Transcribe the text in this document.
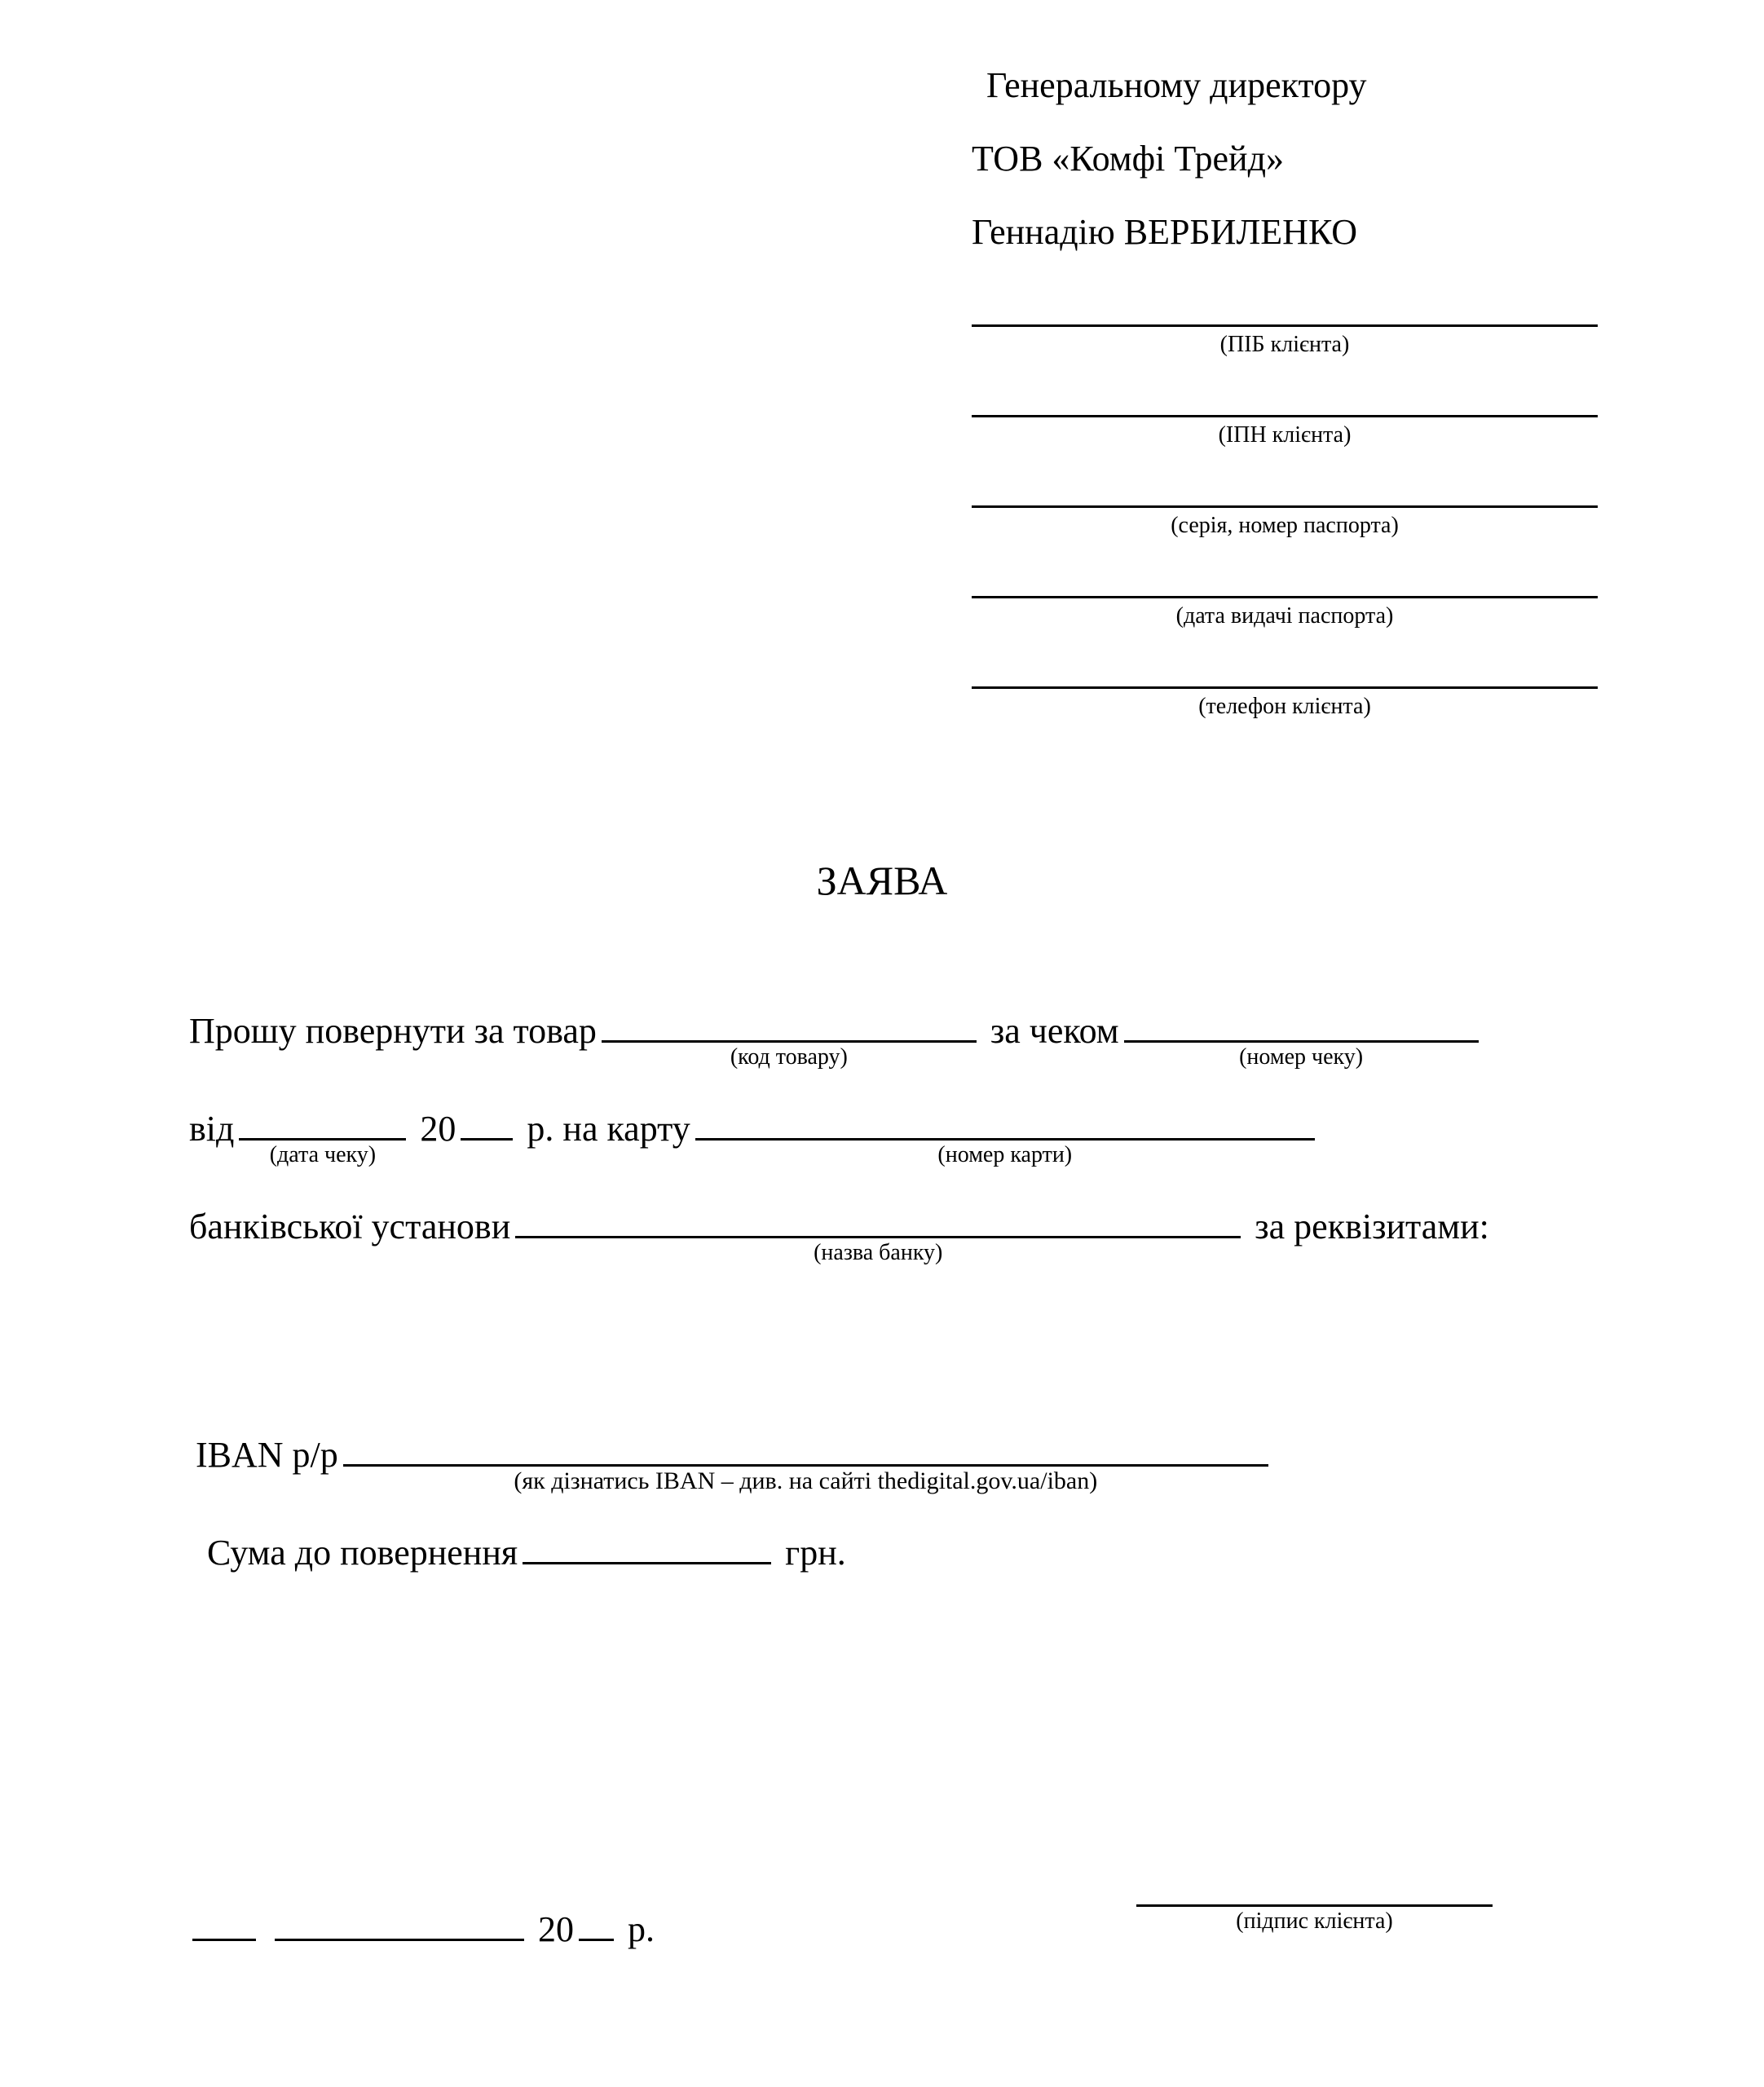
Генеральному директору
ТОВ «Комфі Трейд»
Геннадію ВЕРБИЛЕНКО
(ПІБ клієнта)
(ІПН клієнта)
(серія, номер паспорта)
(дата видачі паспорта)
(телефон клієнта)
ЗАЯВА
Прошу повернути за товар
(код товару)
за чеком
(номер чеку)
від
(дата чеку)
20 р. на карту
(номер карти)
банківської установи
(назва банку)
за реквізитами:
IBAN р/р
(як дізнатись IBAN – див. на сайті thedigital.gov.ua/iban)
Сума до повернення	грн.
20 р.	(підпис клієнта)
